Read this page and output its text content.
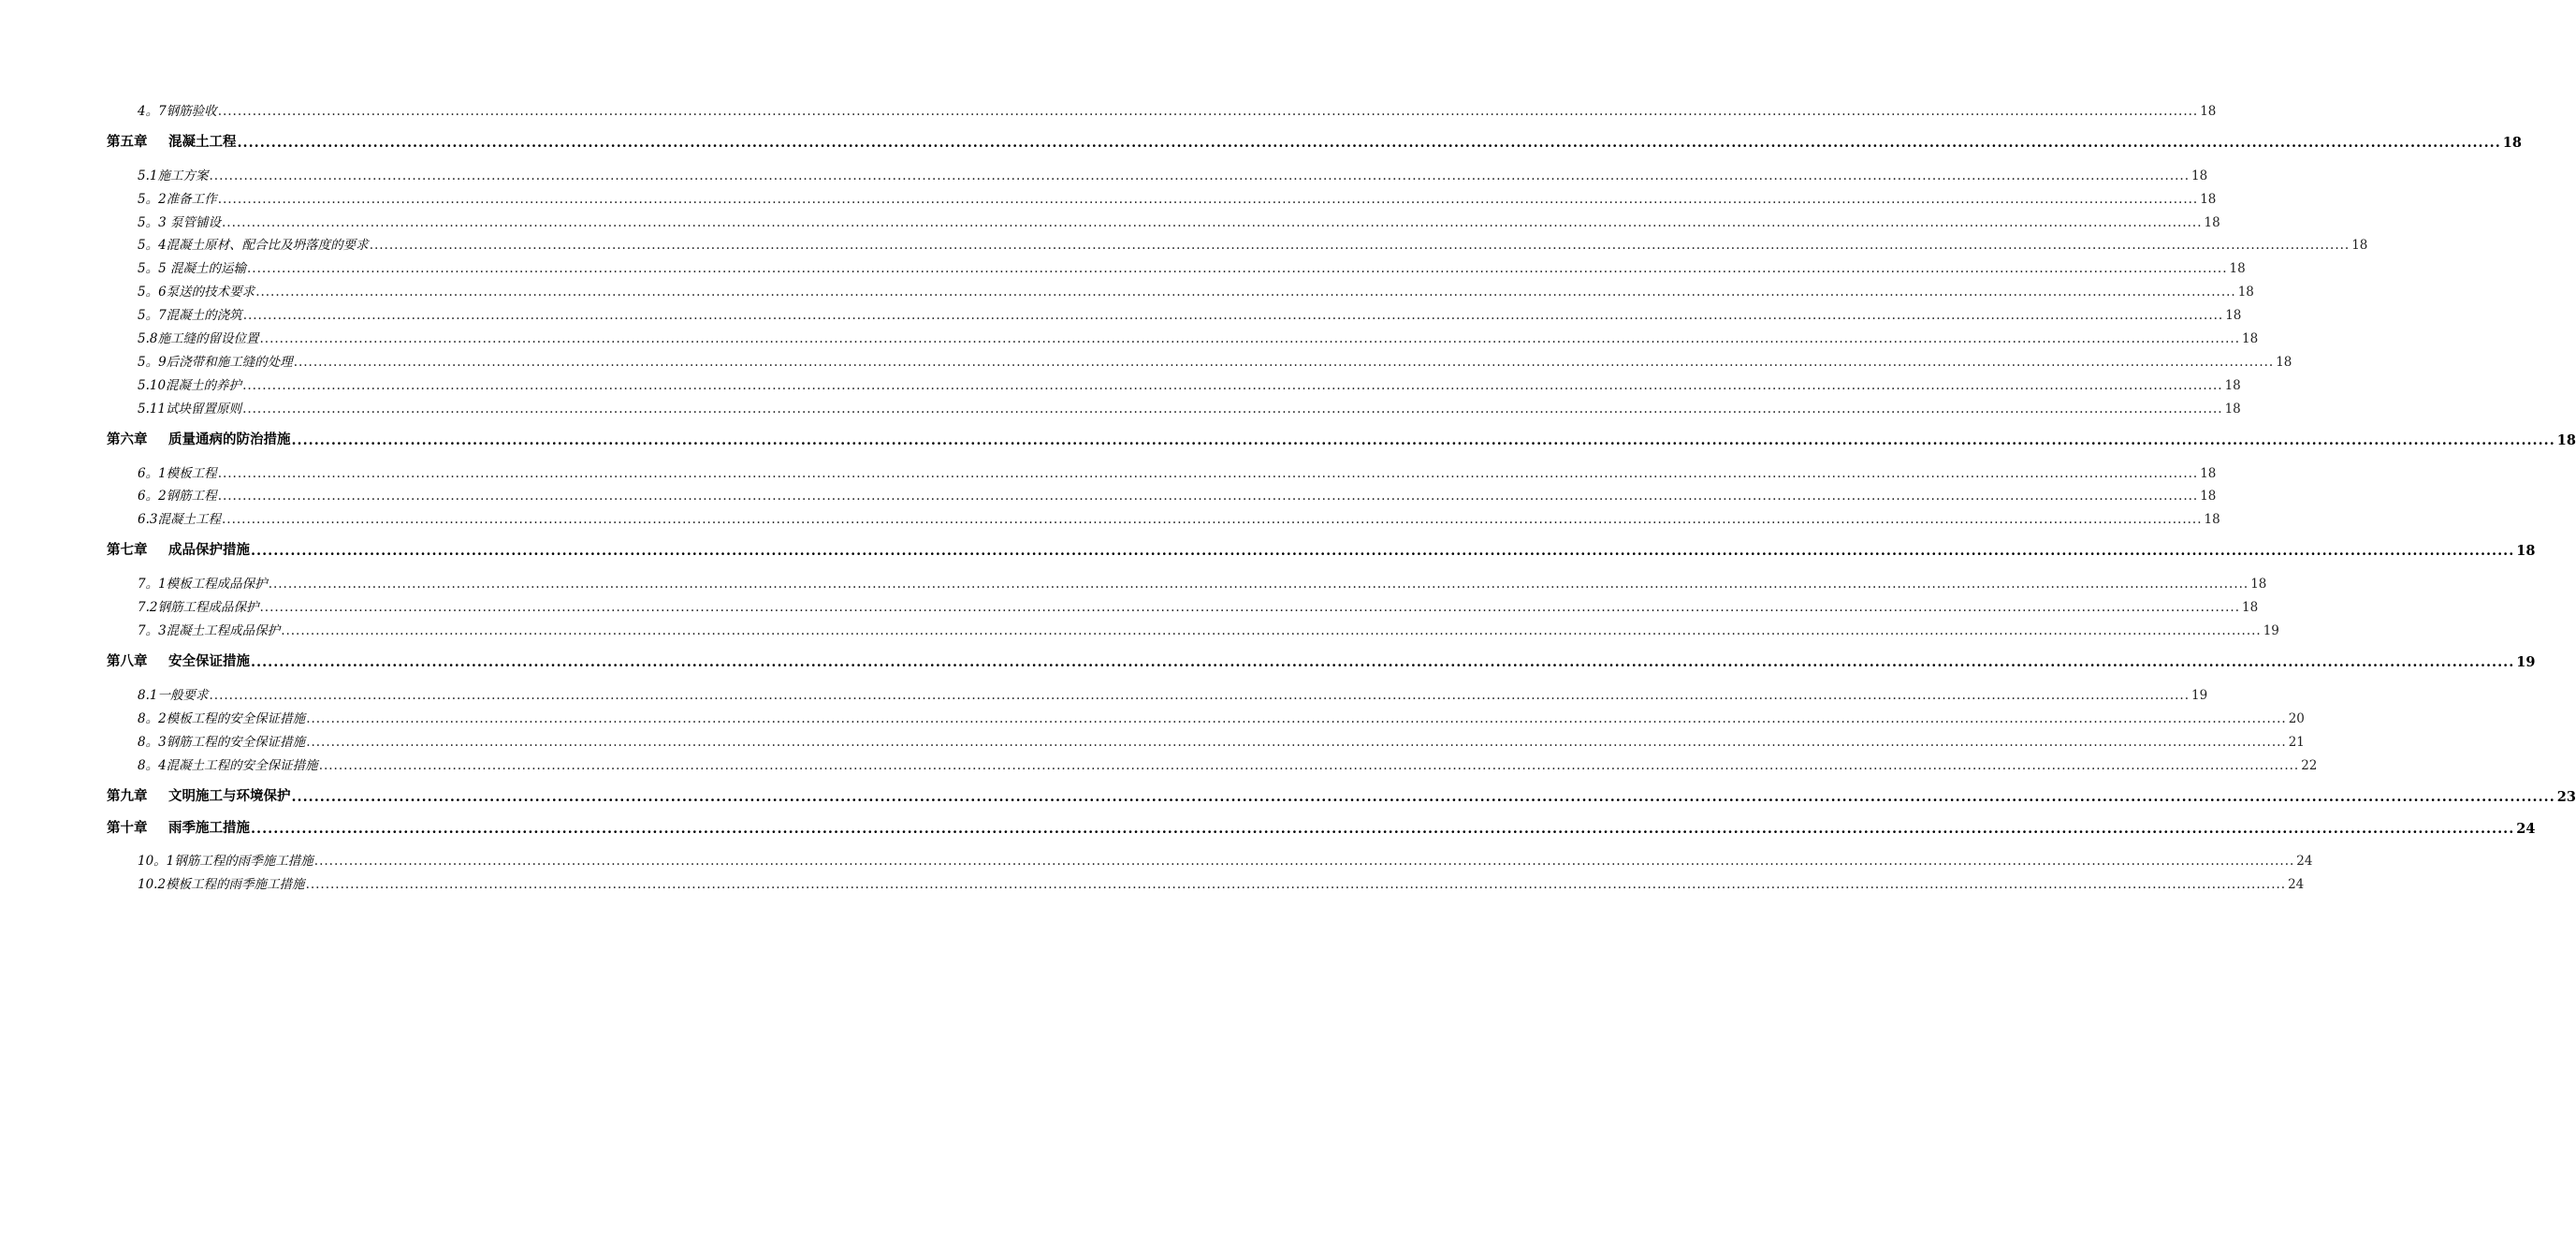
4。7钢筋验收 ................................................................................................................................................................................................................................................................................................................................................................................................................ 18
第五章 混凝土工程 ................................................................................................................................................................................................................................................................................................................................................................................................................ 18
5.1施工方案 ................................................................................................................................................................................................................................................................................................................................................................................................................ 18
5。2准备工作 ................................................................................................................................................................................................................................................................................................................................................................................................................ 18
5。3 泵管铺设 ................................................................................................................................................................................................................................................................................................................................................................................................................ 18
5。4混凝土原材、配合比及坍落度的要求 ................................................................................................................................................................................................................................................................................................................................................................................................................ 18
5。5 混凝土的运输 ................................................................................................................................................................................................................................................................................................................................................................................................................ 18
5。6泵送的技术要求 ................................................................................................................................................................................................................................................................................................................................................................................................................ 18
5。7混凝土的浇筑 ................................................................................................................................................................................................................................................................................................................................................................................................................ 18
5.8施工缝的留设位置 ................................................................................................................................................................................................................................................................................................................................................................................................................ 18
5。9后浇带和施工缝的处理 ................................................................................................................................................................................................................................................................................................................................................................................................................ 18
5.10混凝土的养护 ................................................................................................................................................................................................................................................................................................................................................................................................................ 18
5.11试块留置原则 ................................................................................................................................................................................................................................................................................................................................................................................................................ 18
第六章 质量通病的防治措施 ................................................................................................................................................................................................................................................................................................................................................................................................................ 18
6。1模板工程 ................................................................................................................................................................................................................................................................................................................................................................................................................ 18
6。2钢筋工程 ................................................................................................................................................................................................................................................................................................................................................................................................................ 18
6.3混凝土工程 ................................................................................................................................................................................................................................................................................................................................................................................................................ 18
第七章 成品保护措施 ................................................................................................................................................................................................................................................................................................................................................................................................................ 18
7。1模板工程成品保护 ................................................................................................................................................................................................................................................................................................................................................................................................................ 18
7.2钢筋工程成品保护 ................................................................................................................................................................................................................................................................................................................................................................................................................ 18
7。3混凝土工程成品保护 ................................................................................................................................................................................................................................................................................................................................................................................................................ 19
第八章 安全保证措施 ................................................................................................................................................................................................................................................................................................................................................................................................................ 19
8.1一般要求 ................................................................................................................................................................................................................................................................................................................................................................................................................ 19
8。2模板工程的安全保证措施 ................................................................................................................................................................................................................................................................................................................................................................................................................ 20
8。3钢筋工程的安全保证措施 ................................................................................................................................................................................................................................................................................................................................................................................................................ 21
8。4混凝土工程的安全保证措施 ................................................................................................................................................................................................................................................................................................................................................................................................................ 22
第九章 文明施工与环境保护 ................................................................................................................................................................................................................................................................................................................................................................................................................ 23
第十章 雨季施工措施 ................................................................................................................................................................................................................................................................................................................................................................................................................ 24
10。1钢筋工程的雨季施工措施 ................................................................................................................................................................................................................................................................................................................................................................................................................ 24
10.2模板工程的雨季施工措施 ................................................................................................................................................................................................................................................................................................................................................................................................................ 24
